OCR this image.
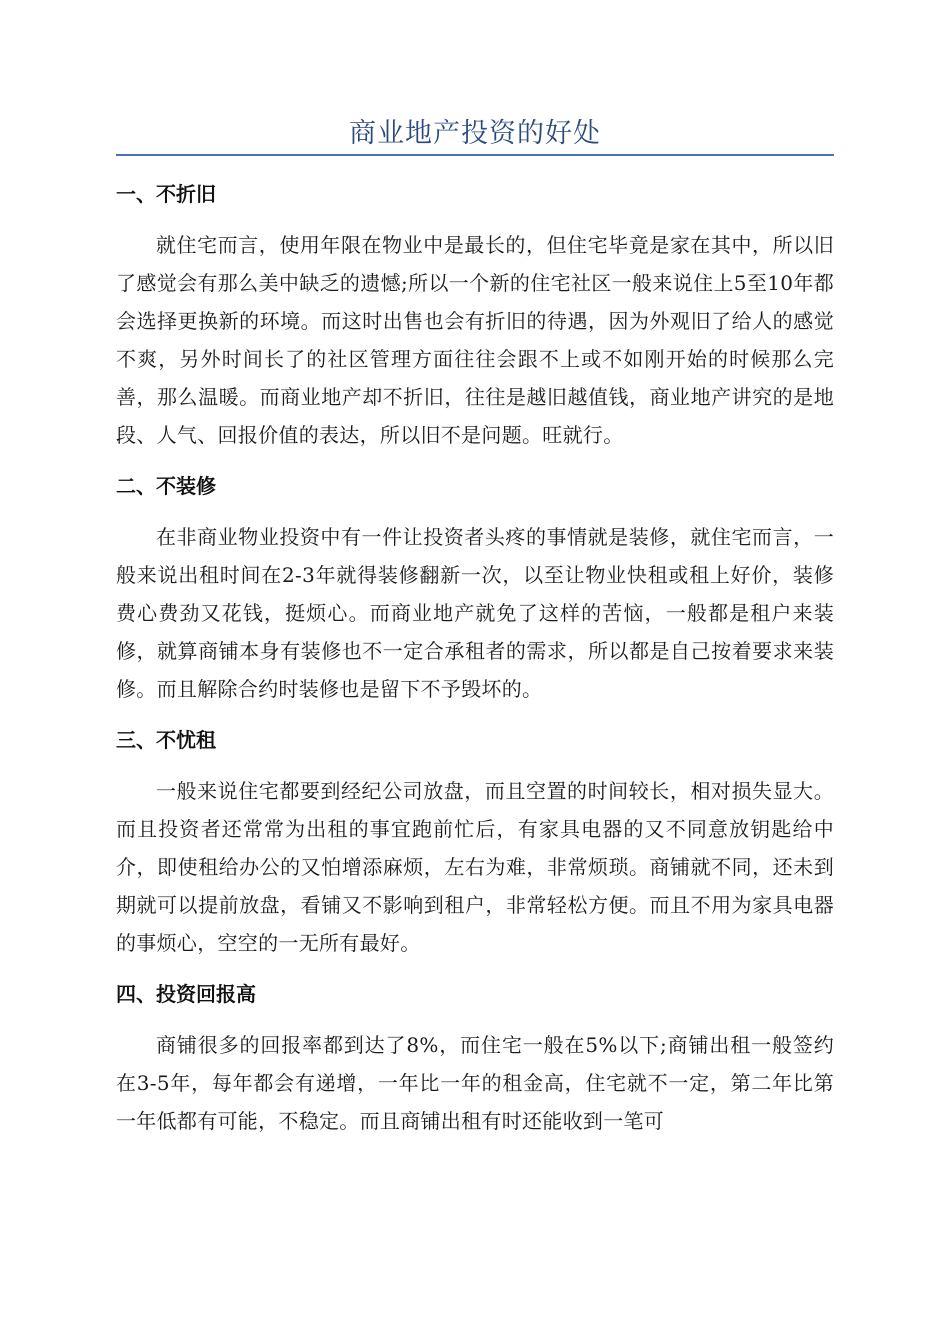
商业地产投资的好处
一、不折旧

就住宅而言，使用年限在物业中是最长的，但住宅毕竟是家在其中，所以旧了感觉会有那么美中缺乏的遗憾;所以一个新的住宅社区一般来说住上5至10年都会选择更换新的环境。而这时出售也会有折旧的待遇，因为外观旧了给人的感觉不爽，另外时间长了的社区管理方面往往会跟不上或不如刚开始的时候那么完善，那么温暖。而商业地产却不折旧，往往是越旧越值钱，商业地产讲究的是地段、人气、回报价值的表达，所以旧不是问题。旺就行。

二、不装修

在非商业物业投资中有一件让投资者头疼的事情就是装修，就住宅而言，一般来说出租时间在2-3年就得装修翻新一次，以至让物业快租或租上好价，装修费心费劲又花钱，挺烦心。而商业地产就免了这样的苦恼，一般都是租户来装修，就算商铺本身有装修也不一定合承租者的需求，所以都是自己按着要求来装修。而且解除合约时装修也是留下不予毁坏的。

三、不忧租

一般来说住宅都要到经纪公司放盘，而且空置的时间较长，相对损失显大。而且投资者还常常为出租的事宜跑前忙后，有家具电器的又不同意放钥匙给中介，即使租给办公的又怕增添麻烦，左右为难，非常烦琐。商铺就不同，还未到期就可以提前放盘，看铺又不影响到租户，非常轻松方便。而且不用为家具电器的事烦心，空空的一无所有最好。

四、投资回报高

商铺很多的回报率都到达了8%，而住宅一般在5%以下;商铺出租一般签约在3-5年，每年都会有递增，一年比一年的租金高，住宅就不一定，第二年比第一年低都有可能，不稳定。而且商铺出租有时还能收到一笔可
